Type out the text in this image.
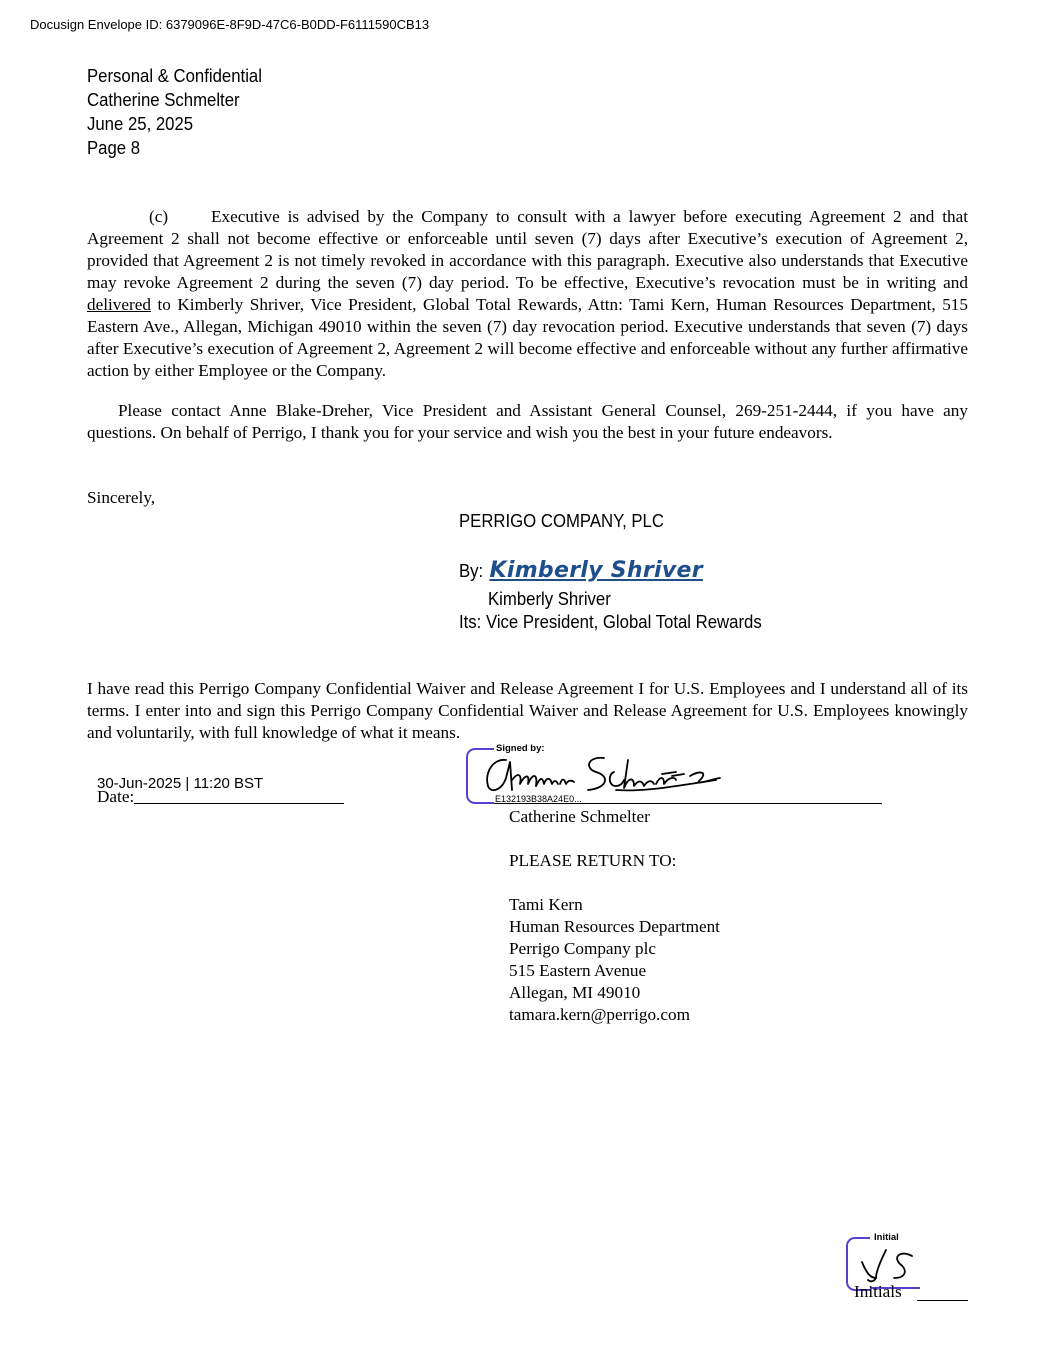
Docusign Envelope ID: 6379096E-8F9D-47C6-B0DD-F6111590CB13
Personal & Confidential
Catherine Schmelter
June 25, 2025
Page 8
(c) Executive is advised by the Company to consult with a lawyer before executing Agreement 2 and that Agreement 2 shall not become effective or enforceable until seven (7) days after Executive’s execution of Agreement 2, provided that Agreement 2 is not timely revoked in accordance with this paragraph. Executive also understands that Executive may revoke Agreement 2 during the seven (7) day period. To be effective, Executive’s revocation must be in writing and delivered to Kimberly Shriver, Vice President, Global Total Rewards, Attn: Tami Kern, Human Resources Department, 515 Eastern Ave., Allegan, Michigan 49010 within the seven (7) day revocation period. Executive understands that seven (7) days after Executive’s execution of Agreement 2, Agreement 2 will become effective and enforceable without any further affirmative action by either Employee or the Company.
Please contact Anne Blake-Dreher, Vice President and Assistant General Counsel, 269-251-2444, if you have any questions. On behalf of Perrigo, I thank you for your service and wish you the best in your future endeavors.
Sincerely,
PERRIGO COMPANY, PLC
By: Kimberly Shriver
Kimberly Shriver
Its: Vice President, Global Total Rewards
I have read this Perrigo Company Confidential Waiver and Release Agreement I for U.S. Employees and I understand all of its terms. I enter into and sign this Perrigo Company Confidential Waiver and Release Agreement for U.S. Employees knowingly and voluntarily, with full knowledge of what it means.
30-Jun-2025 | 11:20 BST
Date:
Signed by:
E132193B38A24E0...
Catherine Schmelter
PLEASE RETURN TO:
Tami Kern
Human Resources Department
Perrigo Company plc
515 Eastern Avenue
Allegan, MI 49010
tamara.kern@perrigo.com
Initial
Initials
